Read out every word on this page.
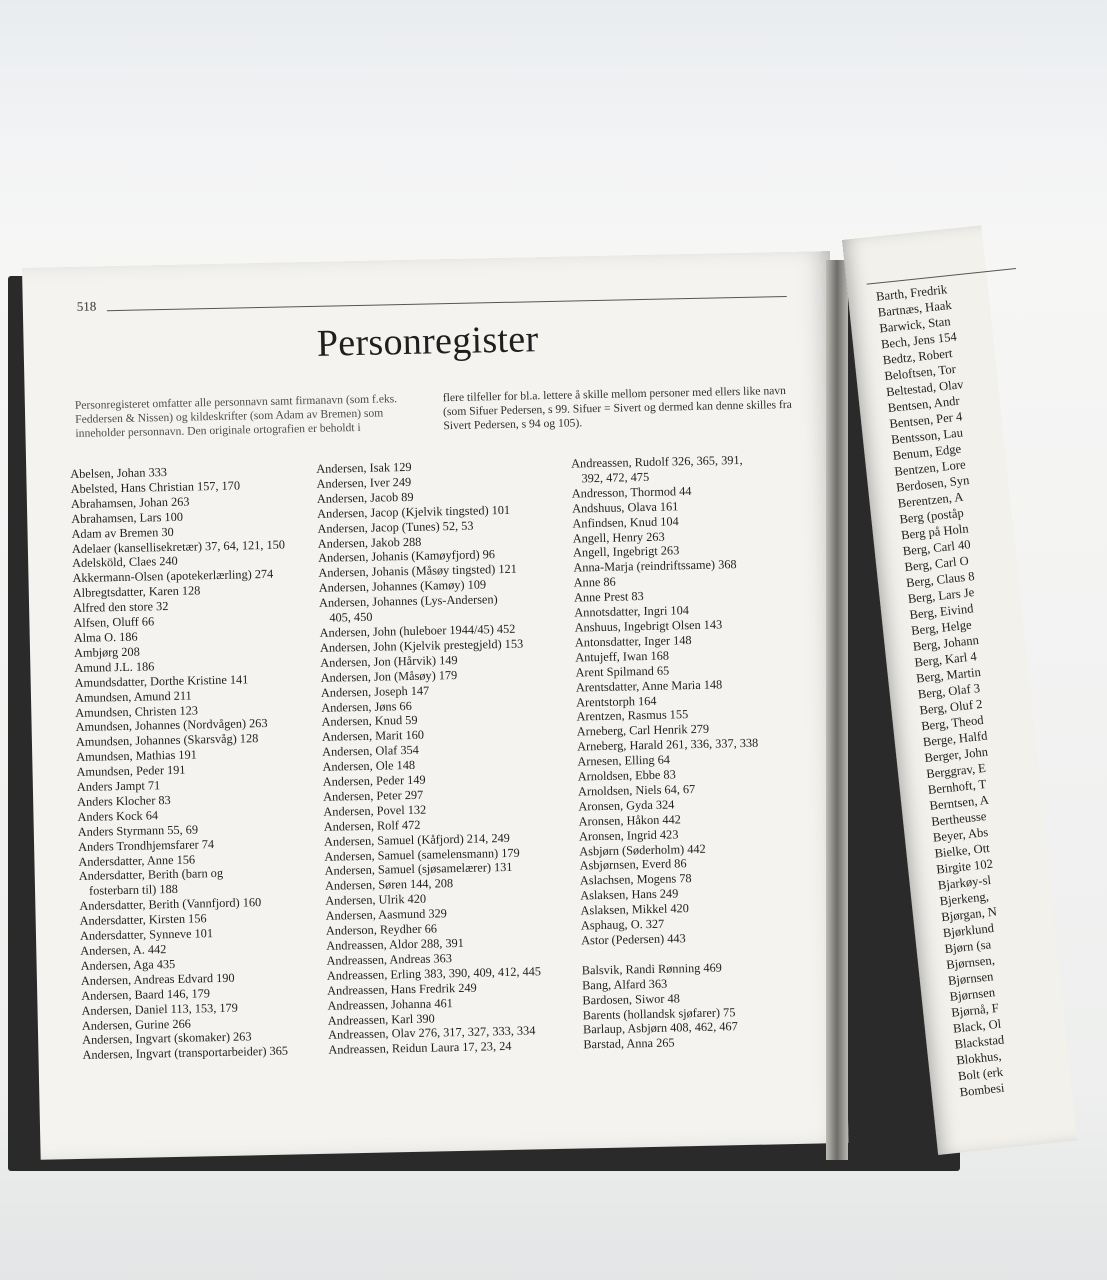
518
Personregister
Personregisteret omfatter alle personnavn samt firmanavn (som f.eks. Feddersen & Nissen) og kildeskrifter (som Adam av Bremen) som inneholder personnavn. Den originale ortografien er beholdt i
flere tilfeller for bl.a. lettere å skille mellom personer med ellers like navn (som Sifuer Pedersen, s 99. Sifuer = Sivert og dermed kan denne skilles fra Sivert Pedersen, s 94 og 105).
Abelsen, Johan 333
Abelsted, Hans Christian 157, 170
Abrahamsen, Johan 263
Abrahamsen, Lars 100
Adam av Bremen 30
Adelaer (kansellisekretær) 37, 64, 121, 150
Adelsköld, Claes 240
Akkermann-Olsen (apotekerlærling) 274
Albregtsdatter, Karen 128
Alfred den store 32
Alfsen, Oluff 66
Alma O. 186
Ambjørg 208
Amund J.L. 186
Amundsdatter, Dorthe Kristine 141
Amundsen, Amund 211
Amundsen, Christen 123
Amundsen, Johannes (Nordvågen) 263
Amundsen, Johannes (Skarsvåg) 128
Amundsen, Mathias 191
Amundsen, Peder 191
Anders Jampt 71
Anders Klocher 83
Anders Kock 64
Anders Styrmann 55, 69
Anders Trondhjemsfarer 74
Andersdatter, Anne 156
Andersdatter, Berith (barn og
fosterbarn til) 188
Andersdatter, Berith (Vannfjord) 160
Andersdatter, Kirsten 156
Andersdatter, Synneve 101
Andersen, A. 442
Andersen, Aga 435
Andersen, Andreas Edvard 190
Andersen, Baard 146, 179
Andersen, Daniel 113, 153, 179
Andersen, Gurine 266
Andersen, Ingvart (skomaker) 263
Andersen, Ingvart (transportarbeider) 365
Andersen, Isak 129
Andersen, Iver 249
Andersen, Jacob 89
Andersen, Jacop (Kjelvik tingsted) 101
Andersen, Jacop (Tunes) 52, 53
Andersen, Jakob 288
Andersen, Johanis (Kamøyfjord) 96
Andersen, Johanis (Måsøy tingsted) 121
Andersen, Johannes (Kamøy) 109
Andersen, Johannes (Lys-Andersen)
405, 450
Andersen, John (huleboer 1944/45) 452
Andersen, John (Kjelvik prestegjeld) 153
Andersen, Jon (Hårvik) 149
Andersen, Jon (Måsøy) 179
Andersen, Joseph 147
Andersen, Jøns 66
Andersen, Knud 59
Andersen, Marit 160
Andersen, Olaf 354
Andersen, Ole 148
Andersen, Peder 149
Andersen, Peter 297
Andersen, Povel 132
Andersen, Rolf 472
Andersen, Samuel (Kåfjord) 214, 249
Andersen, Samuel (samelensmann) 179
Andersen, Samuel (sjøsamelærer) 131
Andersen, Søren 144, 208
Andersen, Ulrik 420
Andersen, Aasmund 329
Anderson, Reydher 66
Andreassen, Aldor 288, 391
Andreassen, Andreas 363
Andreassen, Erling 383, 390, 409, 412, 445
Andreassen, Hans Fredrik 249
Andreassen, Johanna 461
Andreassen, Karl 390
Andreassen, Olav 276, 317, 327, 333, 334
Andreassen, Reidun Laura 17, 23, 24
Andreassen, Rudolf 326, 365, 391,
392, 472, 475
Andresson, Thormod 44
Andshuus, Olava 161
Anfindsen, Knud 104
Angell, Henry 263
Angell, Ingebrigt 263
Anna-Marja (reindriftssame) 368
Anne 86
Anne Prest 83
Annotsdatter, Ingri 104
Anshuus, Ingebrigt Olsen 143
Antonsdatter, Inger 148
Antujeff, Iwan 168
Arent Spilmand 65
Arentsdatter, Anne Maria 148
Arentstorph 164
Arentzen, Rasmus 155
Arneberg, Carl Henrik 279
Arneberg, Harald 261, 336, 337, 338
Arnesen, Elling 64
Arnoldsen, Ebbe 83
Arnoldsen, Niels 64, 67
Aronsen, Gyda 324
Aronsen, Håkon 442
Aronsen, Ingrid 423
Asbjørn (Søderholm) 442
Asbjørnsen, Everd 86
Aslachsen, Mogens 78
Aslaksen, Hans 249
Aslaksen, Mikkel 420
Asphaug, O. 327
Astor (Pedersen) 443
Balsvik, Randi Rønning 469
Bang, Alfard 363
Bardosen, Siwor 48
Barents (hollandsk sjøfarer) 75
Barlaup, Asbjørn 408, 462, 467
Barstad, Anna 265
Barth, Fredrik
Bartnæs, Haak
Barwick, Stan
Bech, Jens 154
Bedtz, Robert
Beloftsen, Tor
Beltestad, Olav
Bentsen, Andr
Bentsen, Per 4
Bentsson, Lau
Benum, Edge
Bentzen, Lore
Berdosen, Syn
Berentzen, A
Berg (poståp
Berg på Holn
Berg, Carl 40
Berg, Carl O
Berg, Claus 8
Berg, Lars Je
Berg, Eivind
Berg, Helge
Berg, Johann
Berg, Karl 4
Berg, Martin
Berg, Olaf 3
Berg, Oluf 2
Berg, Theod
Berge, Halfd
Berger, John
Berggrav, E
Bernhoft, T
Berntsen, A
Bertheusse
Beyer, Abs
Bielke, Ott
Birgite 102
Bjarkøy-sl
Bjerkeng,
Bjørgan, N
Bjørklund
Bjørn (sa
Bjørnsen,
Bjørnsen
Bjørnsen
Bjørnå, F
Black, Ol
Blackstad
Blokhus,
Bolt (erk
Bombesi
